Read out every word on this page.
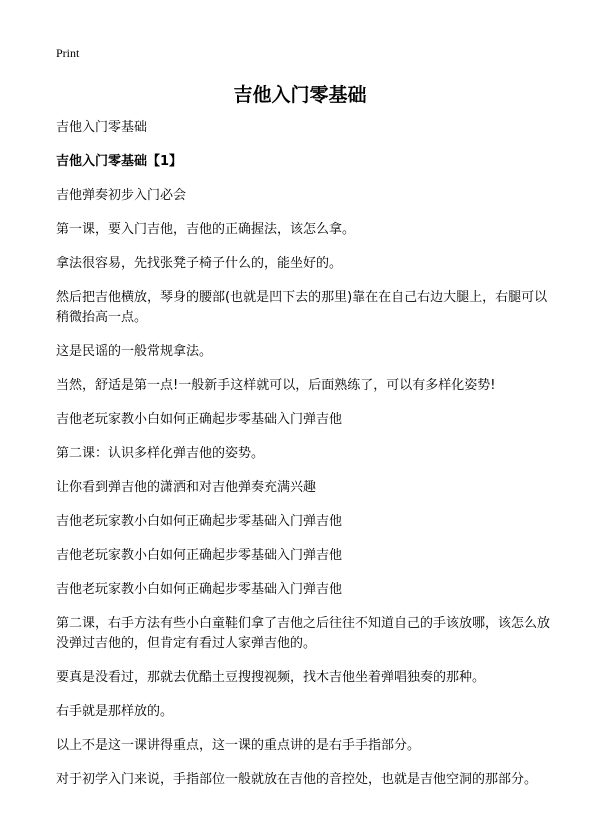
Print
吉他入门零基础

吉他入门零基础

吉他入门零基础【1】

吉他弹奏初步入门必会

第一课，要入门吉他，吉他的正确握法，该怎么拿。

拿法很容易，先找张凳子椅子什么的，能坐好的。

然后把吉他横放，琴身的腰部(也就是凹下去的那里)靠在在自己右边大腿上，右腿可以稍微抬高一点。

这是民谣的一般常规拿法。

当然，舒适是第一点!一般新手这样就可以，后面熟练了，可以有多样化姿势!

吉他老玩家教小白如何正确起步零基础入门弹吉他

第二课：认识多样化弹吉他的姿势。

让你看到弹吉他的潇洒和对吉他弹奏充满兴趣

吉他老玩家教小白如何正确起步零基础入门弹吉他

吉他老玩家教小白如何正确起步零基础入门弹吉他

吉他老玩家教小白如何正确起步零基础入门弹吉他

第二课，右手方法有些小白童鞋们拿了吉他之后往往不知道自己的手该放哪，该怎么放没弹过吉他的，但肯定有看过人家弹吉他的。

要真是没看过，那就去优酷土豆搜搜视频，找木吉他坐着弹唱独奏的那种。

右手就是那样放的。

以上不是这一课讲得重点，这一课的重点讲的是右手手指部分。

对于初学入门来说，手指部位一般就放在吉他的音控处，也就是吉他空洞的那部分。
